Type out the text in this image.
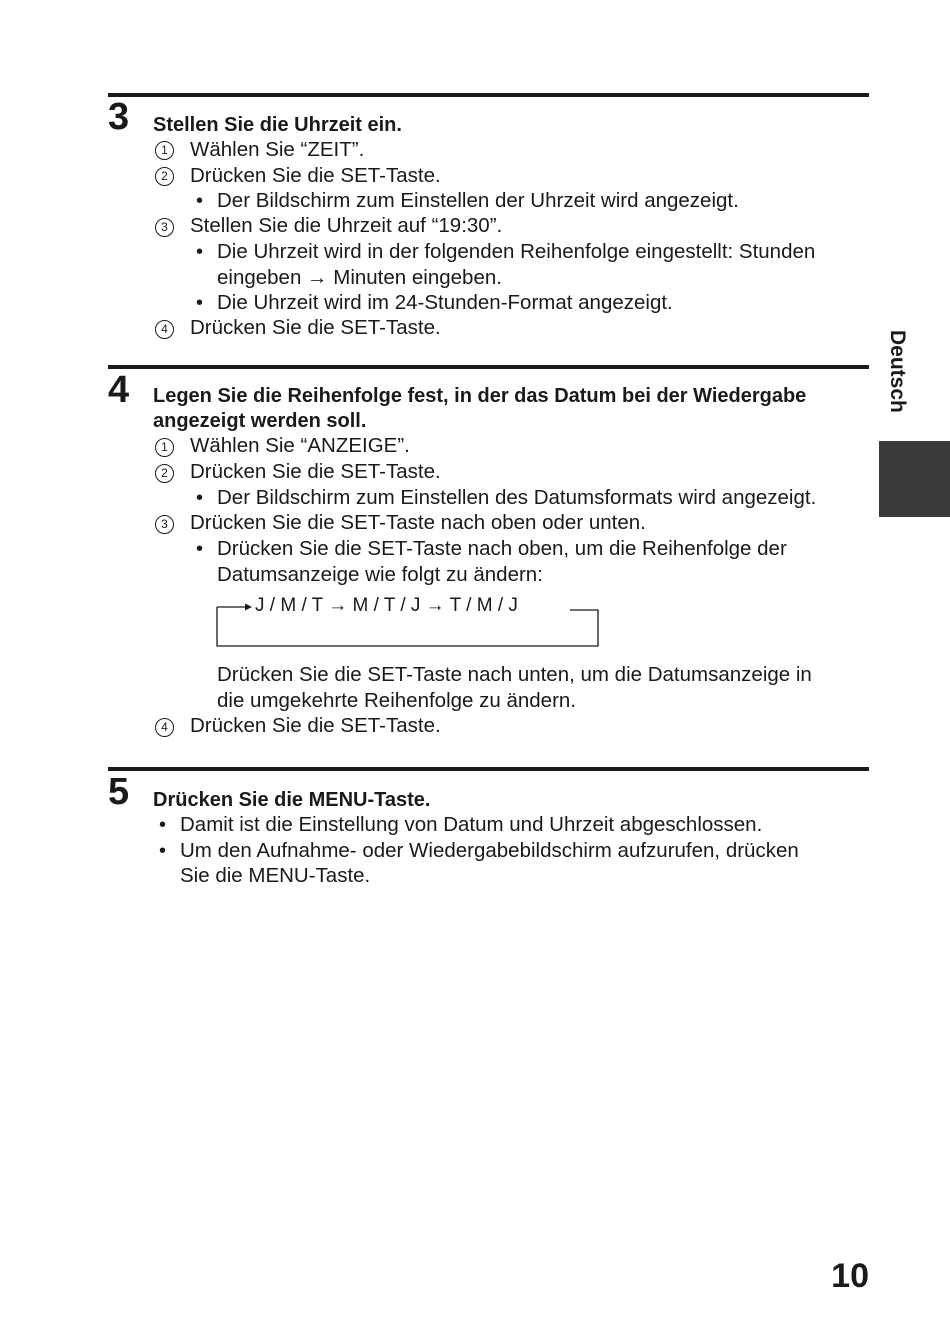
Deutsch
3 Stellen Sie die Uhrzeit ein.
1	Wählen Sie “ZEIT”.
2	Drücken Sie die SET-Taste.
• Der Bildschirm zum Einstellen der Uhrzeit wird angezeigt.
3	Stellen Sie die Uhrzeit auf “19:30”.
• Die Uhrzeit wird in der folgenden Reihenfolge eingestellt: Stunden
eingeben → Minuten eingeben.
• Die Uhrzeit wird im 24-Stunden-Format angezeigt.
4	Drücken Sie die SET-Taste.
4 Legen Sie die Reihenfolge fest, in der das Datum bei der Wiedergabe
angezeigt werden soll.
1	Wählen Sie “ANZEIGE”.
2	Drücken Sie die SET-Taste.
• Der Bildschirm zum Einstellen des Datumsformats wird angezeigt.
3	Drücken Sie die SET-Taste nach oben oder unten.
• Drücken Sie die SET-Taste nach oben, um die Reihenfolge der
Datumsanzeige wie folgt zu ändern:
J / M / T → M / T / J → T / M / J
Drücken Sie die SET-Taste nach unten, um die Datumsanzeige in
die umgekehrte Reihenfolge zu ändern.
4	Drücken Sie die SET-Taste.
5 Drücken Sie die MENU-Taste.
• Damit ist die Einstellung von Datum und Uhrzeit abgeschlossen.
• Um den Aufnahme- oder Wiedergabebildschirm aufzurufen, drücken
Sie die MENU-Taste.
10
